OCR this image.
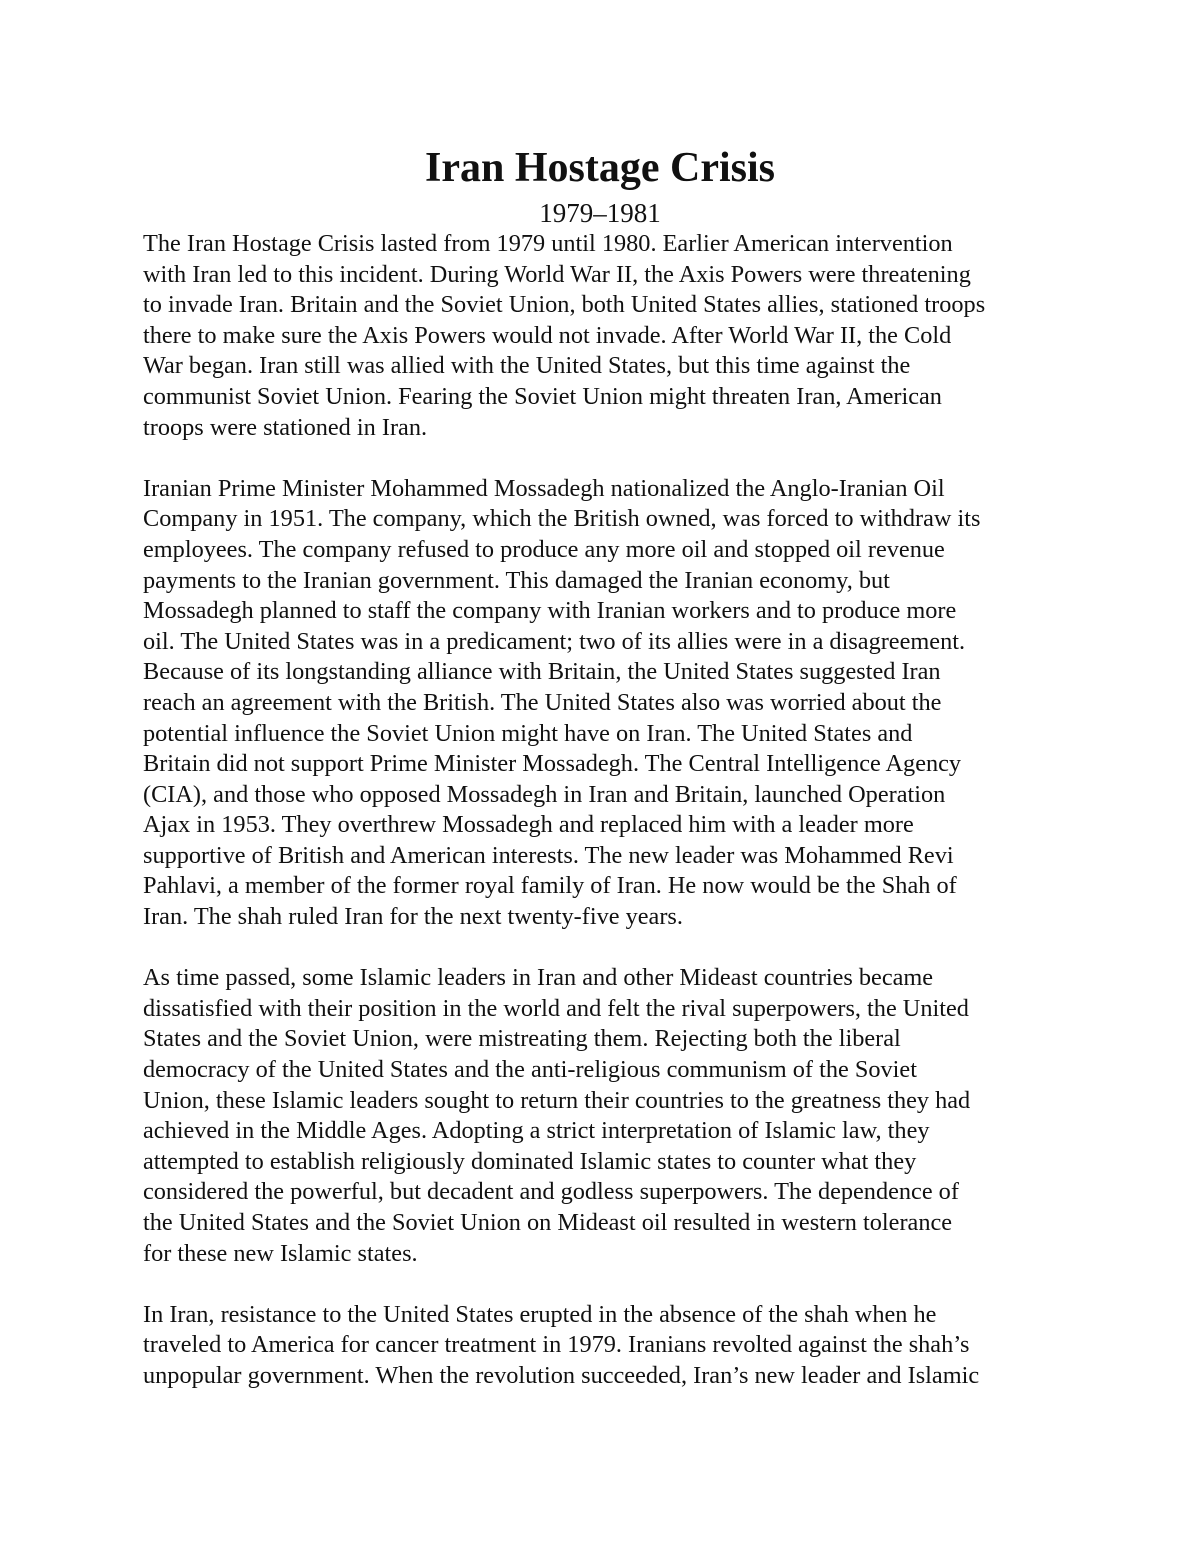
Iran Hostage Crisis
1979–1981

The Iran Hostage Crisis lasted from 1979 until 1980. Earlier American intervention
with Iran led to this incident. During World War II, the Axis Powers were threatening
to invade Iran. Britain and the Soviet Union, both United States allies, stationed troops
there to make sure the Axis Powers would not invade. After World War II, the Cold
War began. Iran still was allied with the United States, but this time against the
communist Soviet Union. Fearing the Soviet Union might threaten Iran, American
troops were stationed in Iran.

Iranian Prime Minister Mohammed Mossadegh nationalized the Anglo-Iranian Oil
Company in 1951. The company, which the British owned, was forced to withdraw its
employees. The company refused to produce any more oil and stopped oil revenue
payments to the Iranian government. This damaged the Iranian economy, but
Mossadegh planned to staff the company with Iranian workers and to produce more
oil. The United States was in a predicament; two of its allies were in a disagreement.
Because of its longstanding alliance with Britain, the United States suggested Iran
reach an agreement with the British. The United States also was worried about the
potential influence the Soviet Union might have on Iran. The United States and
Britain did not support Prime Minister Mossadegh. The Central Intelligence Agency
(CIA), and those who opposed Mossadegh in Iran and Britain, launched Operation
Ajax in 1953. They overthrew Mossadegh and replaced him with a leader more
supportive of British and American interests. The new leader was Mohammed Revi
Pahlavi, a member of the former royal family of Iran. He now would be the Shah of
Iran. The shah ruled Iran for the next twenty-five years.

As time passed, some Islamic leaders in Iran and other Mideast countries became
dissatisfied with their position in the world and felt the rival superpowers, the United
States and the Soviet Union, were mistreating them. Rejecting both the liberal
democracy of the United States and the anti-religious communism of the Soviet
Union, these Islamic leaders sought to return their countries to the greatness they had
achieved in the Middle Ages. Adopting a strict interpretation of Islamic law, they
attempted to establish religiously dominated Islamic states to counter what they
considered the powerful, but decadent and godless superpowers. The dependence of
the United States and the Soviet Union on Mideast oil resulted in western tolerance
for these new Islamic states.

In Iran, resistance to the United States erupted in the absence of the shah when he
traveled to America for cancer treatment in 1979. Iranians revolted against the shah’s
unpopular government. When the revolution succeeded, Iran’s new leader and Islamic
